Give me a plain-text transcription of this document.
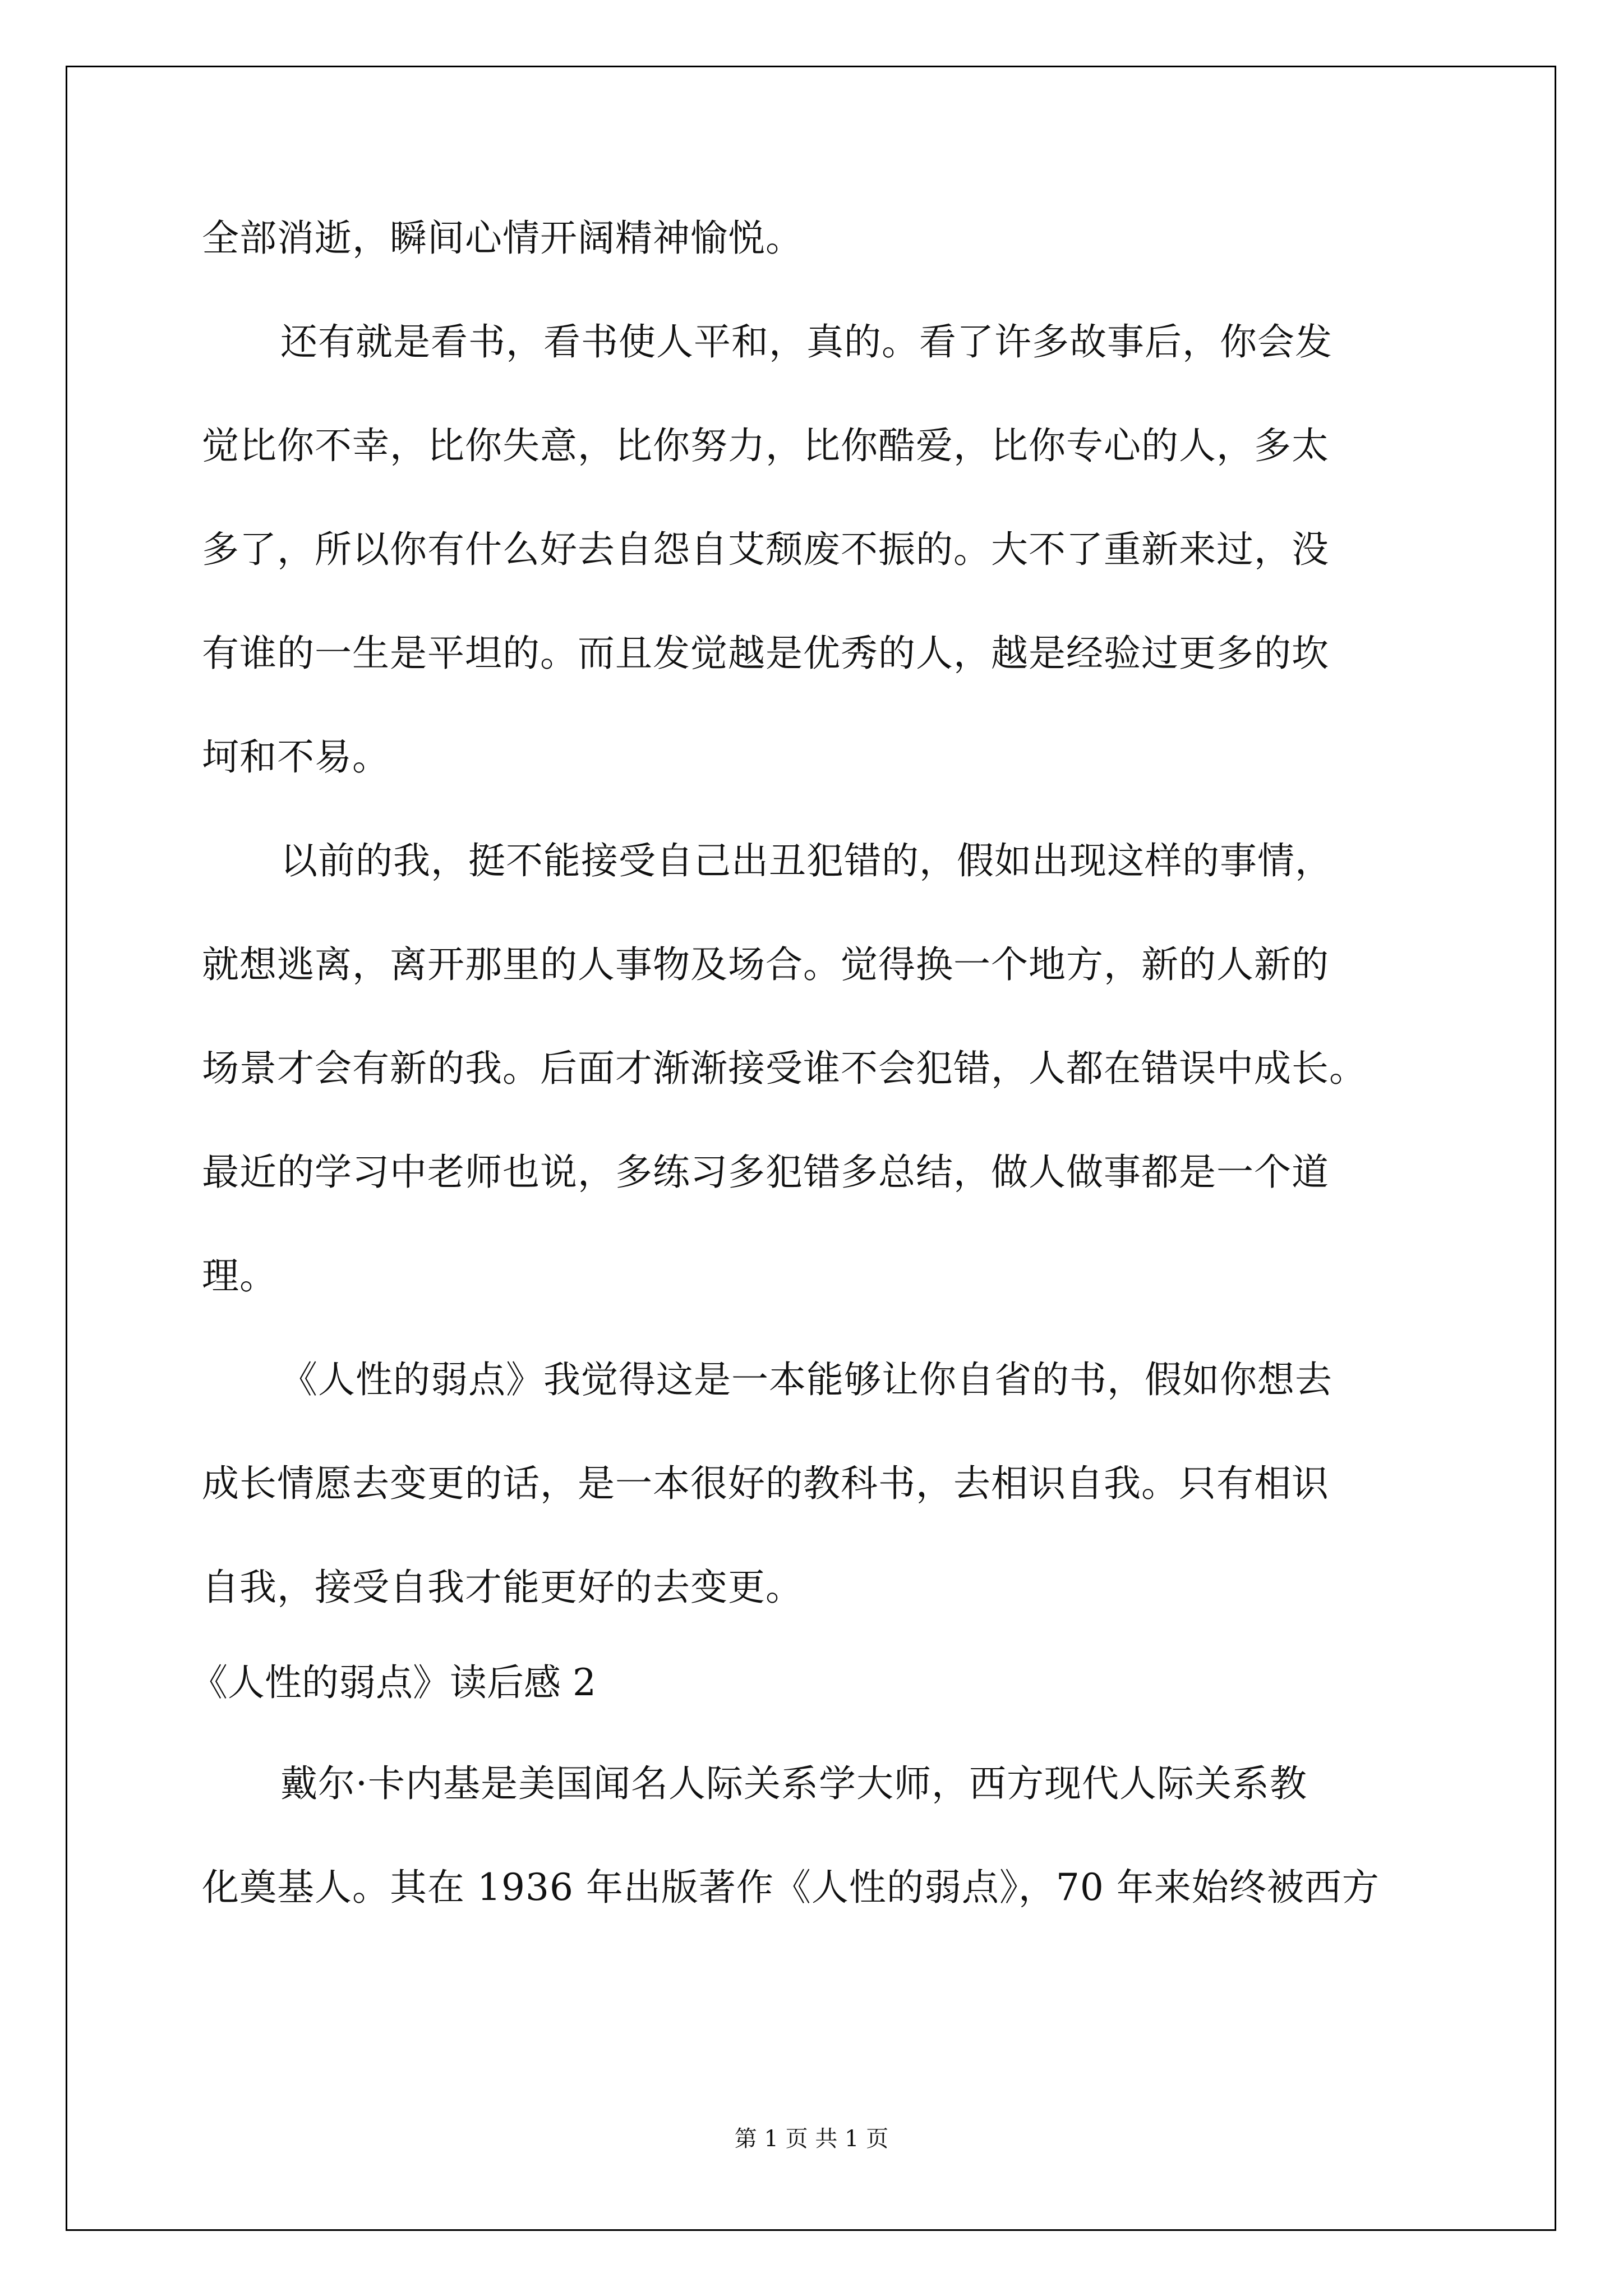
全部消逝，瞬间心情开阔精神愉悦。
还有就是看书，看书使人平和，真的。看了许多故事后，你会发
觉比你不幸，比你失意，比你努力，比你酷爱，比你专心的人，多太
多了，所以你有什么好去自怨自艾颓废不振的。大不了重新来过，没
有谁的一生是平坦的。而且发觉越是优秀的人，越是经验过更多的坎
坷和不易。
以前的我，挺不能接受自己出丑犯错的，假如出现这样的事情，
就想逃离，离开那里的人事物及场合。觉得换一个地方，新的人新的
场景才会有新的我。后面才渐渐接受谁不会犯错，人都在错误中成长。
最近的学习中老师也说，多练习多犯错多总结，做人做事都是一个道
理。
《人性的弱点》我觉得这是一本能够让你自省的书，假如你想去
成长情愿去变更的话，是一本很好的教科书，去相识自我。只有相识
自我，接受自我才能更好的去变更。
《人性的弱点》读后感 2
戴尔·卡内基是美国闻名人际关系学大师，西方现代人际关系教
化奠基人。其在 1936 年出版著作《人性的弱点》，70 年来始终被西方
第 1 页 共 1 页
